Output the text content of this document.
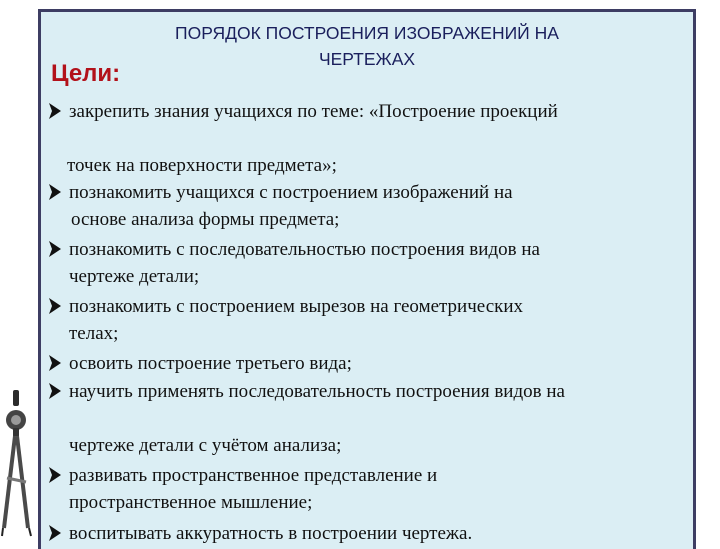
ПОРЯДОК ПОСТРОЕНИЯ ИЗОБРАЖЕНИЙ НА
ЧЕРТЕЖАХ
Цели:
закрепить знания учащихся по теме: «Построение проекций

точек на поверхности предмета»;
познакомить учащихся с построением изображений на
основе анализа формы предмета;
познакомить с последовательностью построения видов на
чертеже детали;
познакомить с построением вырезов на геометрических
телах;
освоить построение третьего вида;
научить применять последовательность построения видов на

чертеже детали с учётом анализа;
развивать пространственное представление и
пространственное мышление;
воспитывать аккуратность в построении чертежа.
